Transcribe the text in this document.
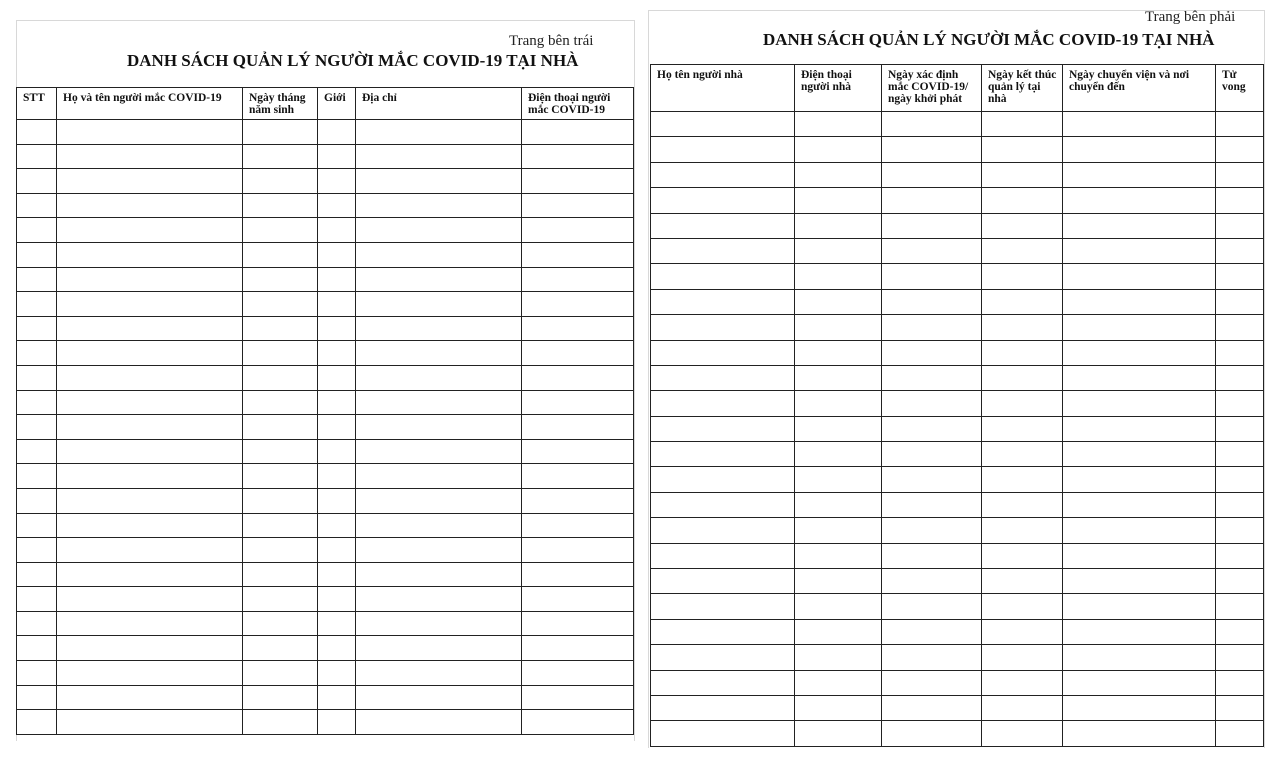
Trang bên trái
DANH SÁCH QUẢN LÝ NGƯỜI MẮC COVID-19 TẠI NHÀ
STT	Họ và tên người mắc COVID-19	Ngày tháng năm sinh	Giới	Địa chỉ	Điện thoại người mắc COVID-19

Trang bên phải
DANH SÁCH QUẢN LÝ NGƯỜI MẮC COVID-19 TẠI NHÀ
Họ tên người nhà	Điện thoại người nhà	Ngày xác định mắc COVID-19/ ngày khởi phát	Ngày kết thúc quản lý tại nhà	Ngày chuyển viện và nơi chuyển đến	Tử vong
